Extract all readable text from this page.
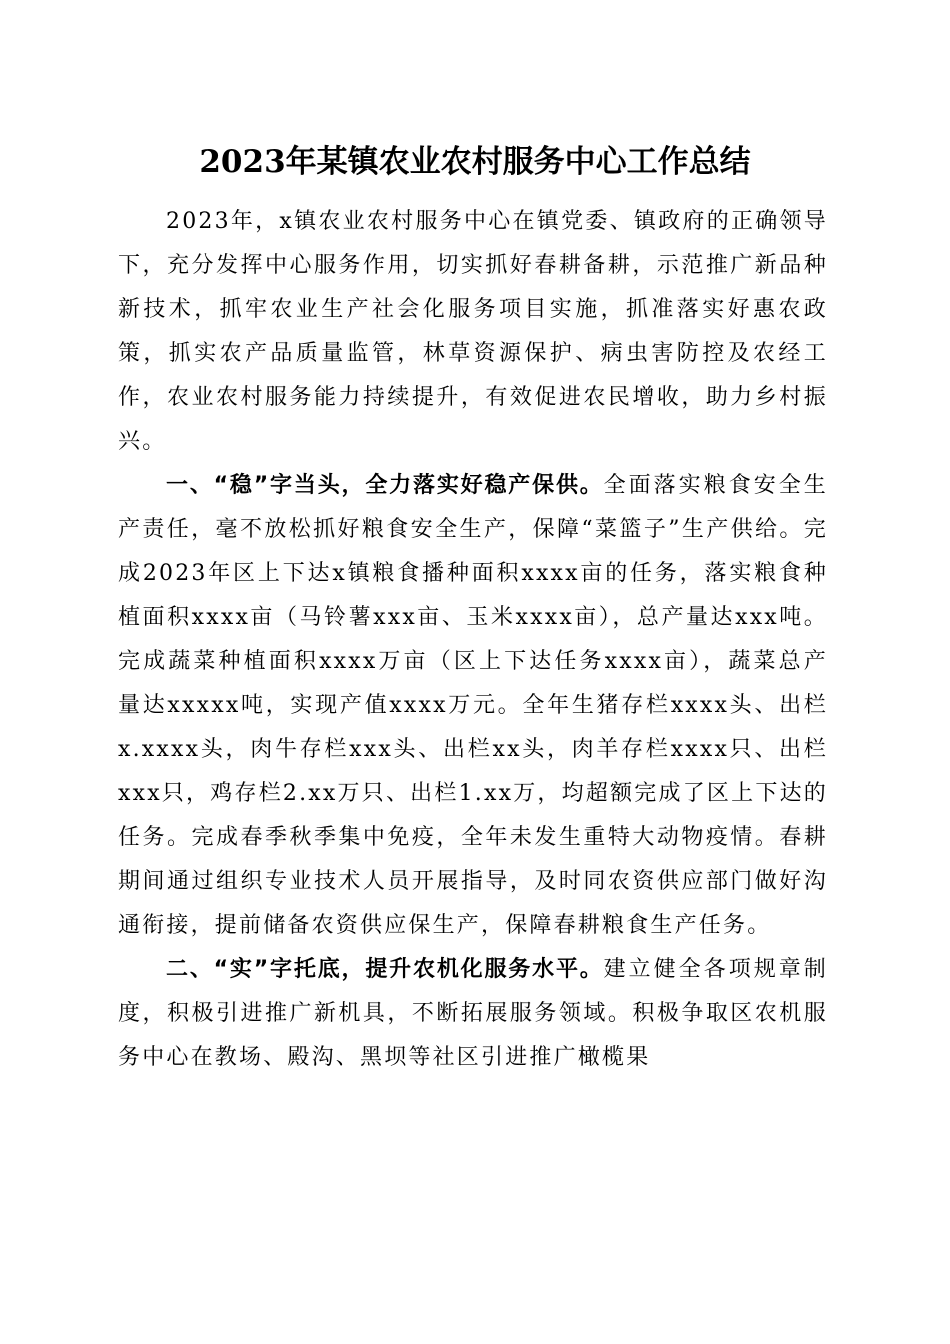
2023年某镇农业农村服务中心工作总结

2023年，x镇农业农村服务中心在镇党委、镇政府的正确领导下，充分发挥中心服务作用，切实抓好春耕备耕，示范推广新品种新技术，抓牢农业生产社会化服务项目实施，抓准落实好惠农政策，抓实农产品质量监管，林草资源保护、病虫害防控及农经工作，农业农村服务能力持续提升，有效促进农民增收，助力乡村振兴。

一、“稳”字当头，全力落实好稳产保供。全面落实粮食安全生产责任，毫不放松抓好粮食安全生产，保障“菜篮子”生产供给。完成2023年区上下达x镇粮食播种面积xxxx亩的任务，落实粮食种植面积xxxx亩（马铃薯xxx亩、玉米xxxx亩），总产量达xxx吨。完成蔬菜种植面积xxxx万亩（区上下达任务xxxx亩），蔬菜总产量达xxxxx吨，实现产值xxxx万元。全年生猪存栏xxxx头、出栏x.xxxx头，肉牛存栏xxx头、出栏xx头，肉羊存栏xxxx只、出栏xxx只，鸡存栏2.xx万只、出栏1.xx万，均超额完成了区上下达的任务。完成春季秋季集中免疫，全年未发生重特大动物疫情。春耕期间通过组织专业技术人员开展指导，及时同农资供应部门做好沟通衔接，提前储备农资供应保生产，保障春耕粮食生产任务。

二、“实”字托底，提升农机化服务水平。建立健全各项规章制度，积极引进推广新机具，不断拓展服务领域。积极争取区农机服务中心在教场、殿沟、黑坝等社区引进推广橄榄果
